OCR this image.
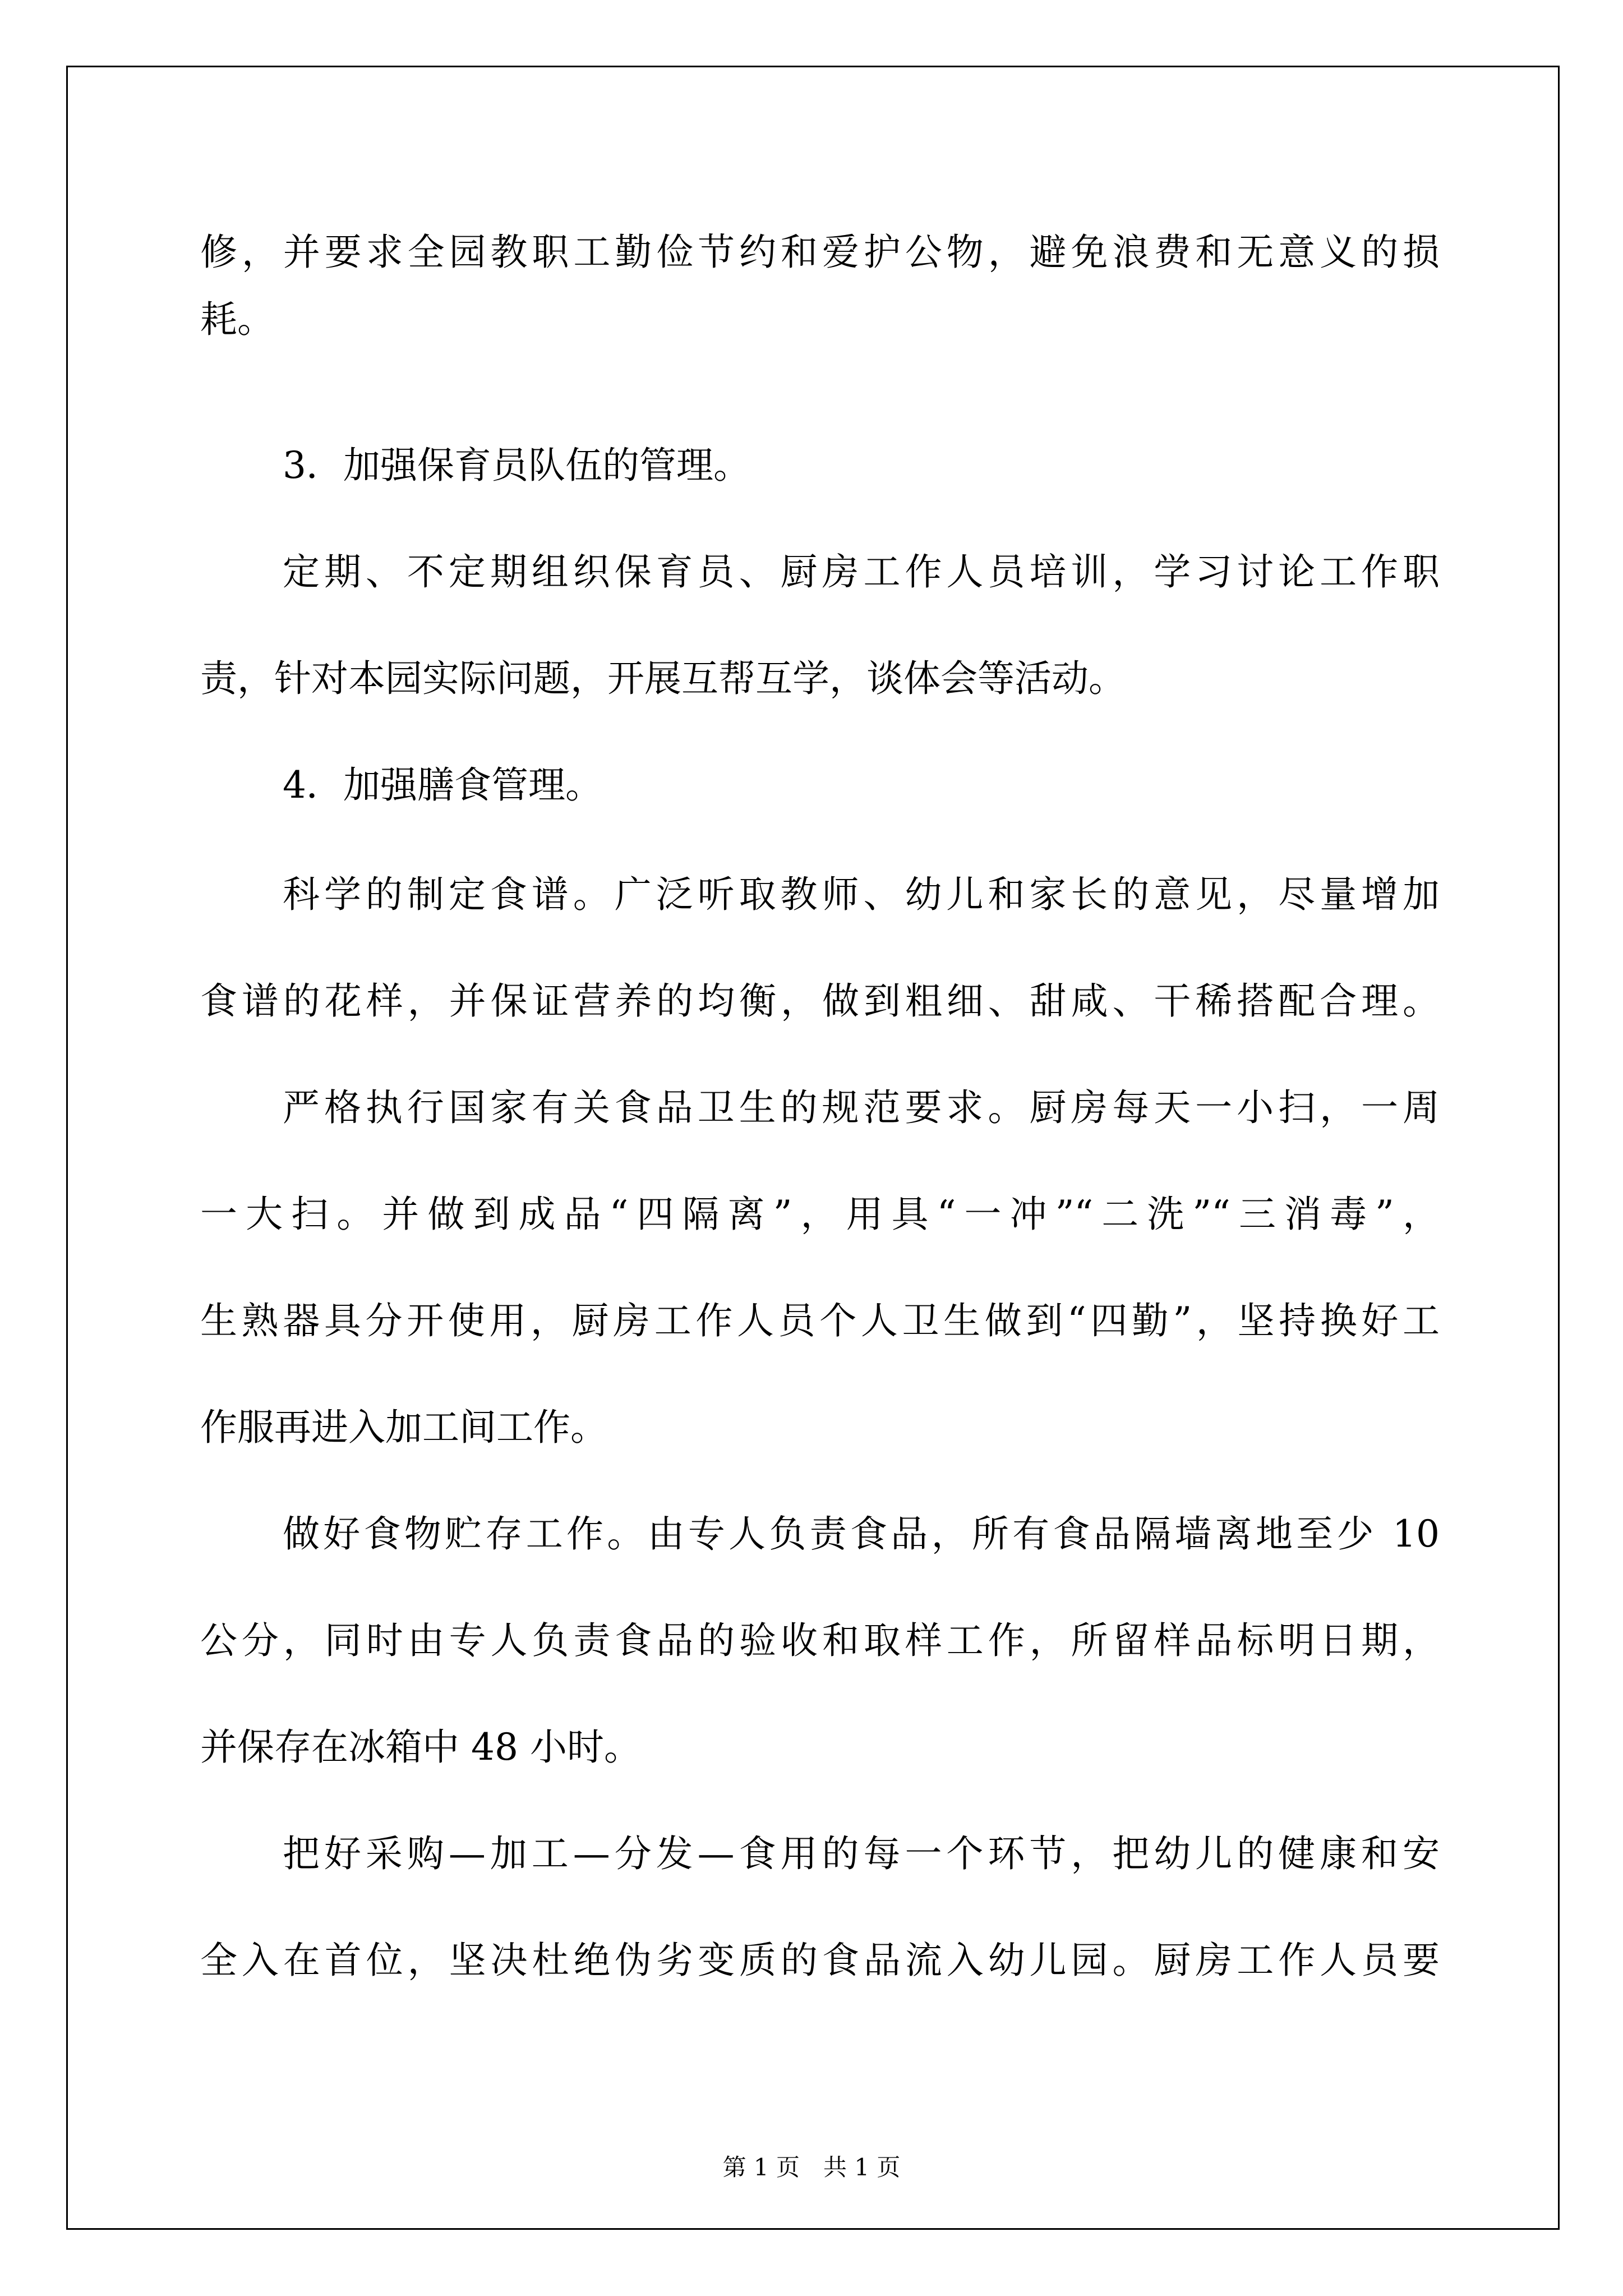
修，并要求全园教职工勤俭节约和爱护公物，避免浪费和无意义的损
耗。
3．加强保育员队伍的管理。
定期、不定期组织保育员、厨房工作人员培训，学习讨论工作职
责，针对本园实际问题，开展互帮互学，谈体会等活动。
4．加强膳食管理。
科学的制定食谱。广泛听取教师、幼儿和家长的意见，尽量增加
食谱的花样，并保证营养的均衡，做到粗细、甜咸、干稀搭配合理。
严格执行国家有关食品卫生的规范要求。厨房每天一小扫，一周
一大扫。并做到成品“四隔离”，用具“一冲”“二洗”“三消毒”，
生熟器具分开使用，厨房工作人员个人卫生做到“四勤”，坚持换好工
作服再进入加工间工作。
做好食物贮存工作。由专人负责食品，所有食品隔墙离地至少 10
公分，同时由专人负责食品的验收和取样工作，所留样品标明日期，
并保存在冰箱中 48 小时。
把好采购—加工—分发—食用的每一个环节，把幼儿的健康和安
全入在首位，坚决杜绝伪劣变质的食品流入幼儿园。厨房工作人员要
第 1 页　共 1 页
